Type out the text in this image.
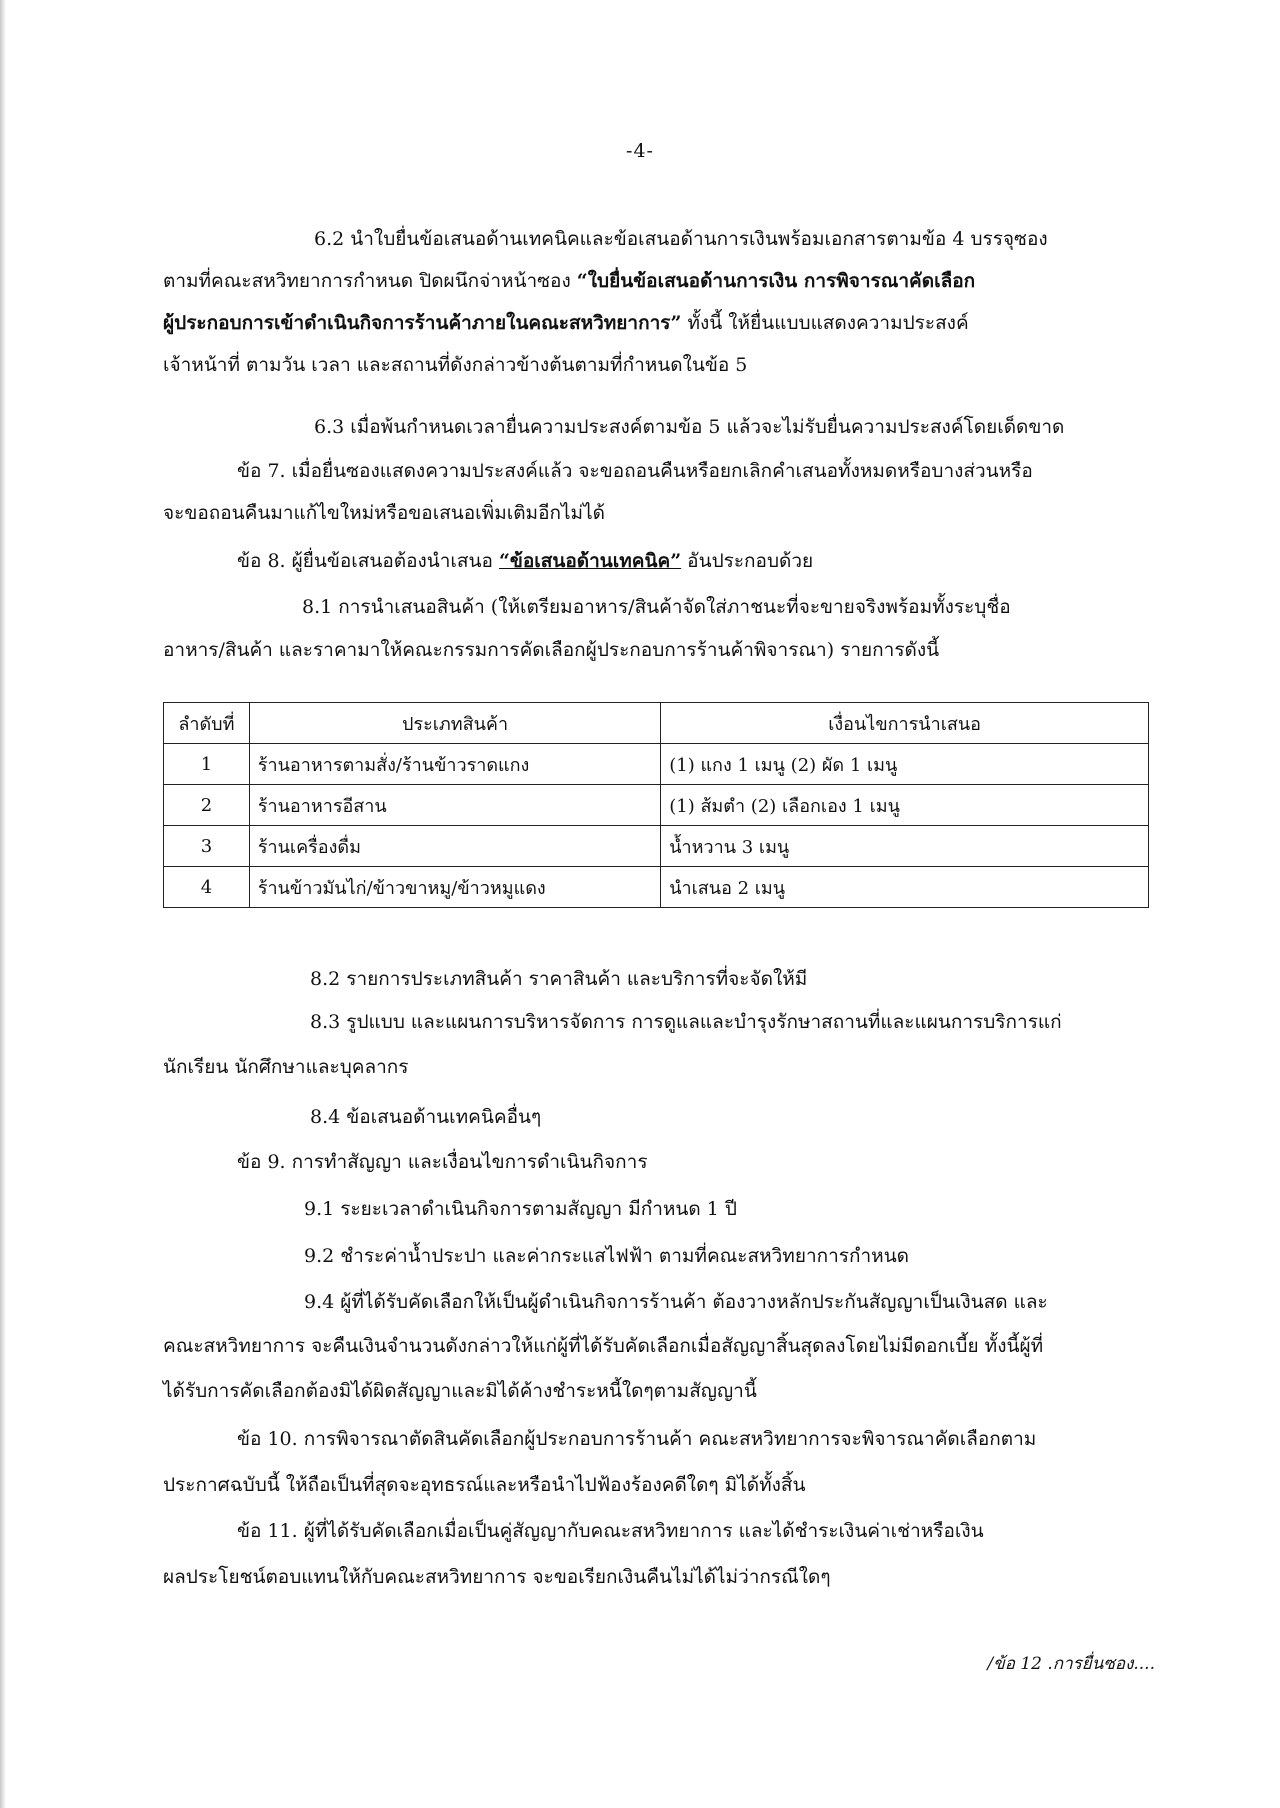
-4-
6.2 นำใบยื่นข้อเสนอด้านเทคนิคและข้อเสนอด้านการเงินพร้อมเอกสารตามข้อ 4 บรรจุซอง
ตามที่คณะสหวิทยาการกำหนด ปิดผนึกจ่าหน้าซอง “ใบยื่นข้อเสนอด้านการเงิน การพิจารณาคัดเลือก
ผู้ประกอบการเข้าดำเนินกิจการร้านค้าภายในคณะสหวิทยาการ” ทั้งนี้ ให้ยื่นแบบแสดงความประสงค์
เจ้าหน้าที่ ตามวัน เวลา และสถานที่ดังกล่าวข้างต้นตามที่กำหนดในข้อ 5
6.3 เมื่อพ้นกำหนดเวลายื่นความประสงค์ตามข้อ 5 แล้วจะไม่รับยื่นความประสงค์โดยเด็ดขาด
ข้อ 7. เมื่อยื่นซองแสดงความประสงค์แล้ว จะขอถอนคืนหรือยกเลิกคำเสนอทั้งหมดหรือบางส่วนหรือ
จะขอถอนคืนมาแก้ไขใหม่หรือขอเสนอเพิ่มเติมอีกไม่ได้
ข้อ 8. ผู้ยื่นข้อเสนอต้องนำเสนอ “ข้อเสนอด้านเทคนิค” อันประกอบด้วย
8.1 การนำเสนอสินค้า (ให้เตรียมอาหาร/สินค้าจัดใส่ภาชนะที่จะขายจริงพร้อมทั้งระบุชื่อ
อาหาร/สินค้า และราคามาให้คณะกรรมการคัดเลือกผู้ประกอบการร้านค้าพิจารณา) รายการดังนี้
ลำดับที่	ประเภทสินค้า	เงื่อนไขการนำเสนอ
1	ร้านอาหารตามสั่ง/ร้านข้าวราดแกง	(1) แกง 1 เมนู (2) ผัด 1 เมนู
2	ร้านอาหารอีสาน	(1) ส้มตำ (2) เลือกเอง 1 เมนู
3	ร้านเครื่องดื่ม	น้ำหวาน 3 เมนู
4	ร้านข้าวมันไก่/ข้าวขาหมู/ข้าวหมูแดง	นำเสนอ 2 เมนู
8.2 รายการประเภทสินค้า ราคาสินค้า และบริการที่จะจัดให้มี
8.3 รูปแบบ และแผนการบริหารจัดการ การดูแลและบำรุงรักษาสถานที่และแผนการบริการแก่
นักเรียน นักศึกษาและบุคลากร
8.4 ข้อเสนอด้านเทคนิคอื่นๆ
ข้อ 9. การทำสัญญา และเงื่อนไขการดำเนินกิจการ
9.1 ระยะเวลาดำเนินกิจการตามสัญญา มีกำหนด 1 ปี
9.2 ชำระค่าน้ำประปา และค่ากระแสไฟฟ้า ตามที่คณะสหวิทยาการกำหนด
9.4 ผู้ที่ได้รับคัดเลือกให้เป็นผู้ดำเนินกิจการร้านค้า ต้องวางหลักประกันสัญญาเป็นเงินสด และ
คณะสหวิทยาการ จะคืนเงินจำนวนดังกล่าวให้แก่ผู้ที่ได้รับคัดเลือกเมื่อสัญญาสิ้นสุดลงโดยไม่มีดอกเบี้ย ทั้งนี้ผู้ที่
ได้รับการคัดเลือกต้องมิได้ผิดสัญญาและมิได้ค้างชำระหนี้ใดๆตามสัญญานี้
ข้อ 10. การพิจารณาตัดสินคัดเลือกผู้ประกอบการร้านค้า คณะสหวิทยาการจะพิจารณาคัดเลือกตาม
ประกาศฉบับนี้ ให้ถือเป็นที่สุดจะอุทธรณ์และหรือนำไปฟ้องร้องคดีใดๆ มิได้ทั้งสิ้น
ข้อ 11. ผู้ที่ได้รับคัดเลือกเมื่อเป็นคู่สัญญากับคณะสหวิทยาการ และได้ชำระเงินค่าเช่าหรือเงิน
ผลประโยชน์ตอบแทนให้กับคณะสหวิทยาการ จะขอเรียกเงินคืนไม่ได้ไม่ว่ากรณีใดๆ
/ข้อ 12 .การยื่นซอง....
